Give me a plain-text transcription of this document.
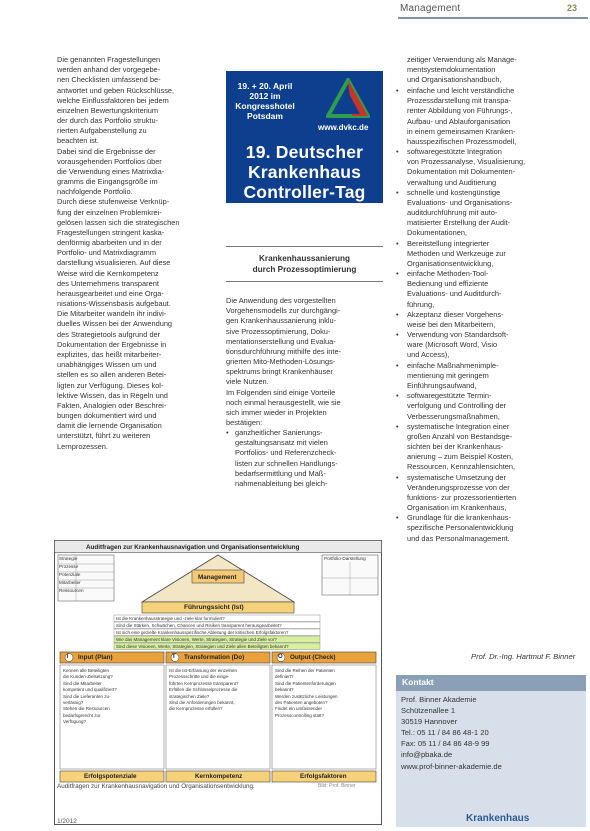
Management	23
Die genannten Fragestellungen
werden anhand der vorgegebe-
nen Checklisten umfassend be-
antwortet und geben Rückschlüsse,
welche Einflussfaktoren bei jedem
einzelnen Bewertungskriterium
der durch das Portfolio struktu-
rierten Aufgabenstellung zu
beachten ist.
Dabei sind die Ergebnisse der
vorausgehenden Portfolios über
die Verwendung eines Matrixdia-
gramms die Eingangsgröße im
nachfolgende Portfolio.
Durch diese stufenweise Verknüp-
fung der einzelnen Problemkrei-
gelösen lassen sich die strategischen
Fragestellungen stringent kaska-
denförmig abarbeiten und in der
Portfolio- und Matrixdiagramm
darstellung visualisieren. Auf diese
Weise wird die Kernkompetenz
des Unternehmens transparent
herausgearbeitet und eine Orga-
nisations-Wissensbasis aufgebaut.
Die Mitarbeiter wandeln ihr indivi-
duelles Wissen bei der Anwendung
des Strategietools aufgrund der
Dokumentation der Ergebnisse in
explizites, das heißt mitarbeiter-
unabhängiges Wissen um und
stellen es so allen anderen Betei-
ligten zur Verfügung. Dieses kol-
lektive Wissen, das in Regeln und
Fakten, Analogien oder Beschrei-
bungen dokumentiert wird und
damit die lernende Organisation
unterstützt, führt zu weiteren
Lernprozessen.
19. + 20. April
2012 im
Kongresshotel
Potsdam
www.dvkc.de
19. Deutscher
Krankenhaus
Controller-Tag
Krankenhaussanierung
durch Prozessoptimierung
Die Anwendung des vorgestellten
Vorgehensmodells zur durchgängi-
gen Krankenhaussanierung inklu-
sive Prozessoptimierung, Doku-
mentationserstellung und Evalua-
tionsdurchführung mithilfe des inte-
grierten Mito-Methoden-Lösungs-
spektrums bringt Krankenhäuser
viele Nutzen.
Im Folgenden sind einige Vorteile
noch einmal herausgestellt, wie sie
sich immer wieder in Projekten
bestätigen:
• ganzheitlicher Sanierungs-
gestaltungsansatz mit vielen
Portfolios- und Referenzcheck-
listen zur schnellen Handlungs-
bedarfsermittlung und Maß-
nahmenableitung bei gleich-
zeitiger Verwendung als Manage-
mentsystemdokumentation
und Organisationshandbuch,
• einfache und leicht verständliche
Prozessdarstellung mit transpa-
renter Abbildung von Führungs-,
Aufbau- und Ablauforganisation
in einem gemeinsamen Kranken-
hausspezifischen Prozessmodell,
• softwaregestützte Integration
von Prozessanalyse, Visualisierung,
Dokumentation mit Dokumenten-
verwaltung und Auditierung
• schnelle und kostengünstige
Evaluations- und Organisations-
auditdurchführung mit auto-
matisierter Erstellung der Audit-
Dokumentationen,
• Bereitstellung integrierter
Methoden und Werkzeuge zur
Organisationsentwicklung,
• einfache Methoden-Tool-
Bedienung und effiziente
Evaluations- und Auditdurch-
führung,
• Akzeptanz dieser Vorgehens-
weise bei den Mitarbeitern,
• Verwendung von Standardsoft-
ware (Microsoft Word, Visio
und Access),
• einfache Maßnahmenimple-
mentierung mit geringem
Einführungsaufwand,
• softwaregestützte Termin-
verfolgung und Controlling der
Verbesserungsmaßnahmen,
• systematische Integration einer
großen Anzahl von Bestandsge-
sichten bei der Krankenhaus-
anierung – zum Beispiel Kosten,
Ressourcen, Kennzahlensichten,
• systematische Umsetzung der
Veränderungsprozesse von der
funktions- zur prozessorientierten
Organisation im Krankenhaus,
• Grundlage für die krankenhaus-
spezifische Personalentwicklung
und das Personalmanagement.
Prof. Dr.-Ing. Hartmut F. Binner
Kontakt
Prof. Binner Akademie
Schützenallee 1
30519 Hannover
Tel.: 05 11 / 84 86 48-1 20
Fax: 05 11 / 84 86 48-9 99
info@pbaka.de
www.prof-binner-akademie.de
Auditfragen zur Krankenhausnavigation und Organisationsentwicklung
Strategie
Prozesse
Potenziale
Mitarbeiter
Ressourcen
Portfolio-Darstellung
Management
Führungssicht (Ist)
Ist die Krankenhausstrategie und -ziele klar formuliert?
Sind die Stärken, Schwächen, Chancen und Risiken transparent herausgearbeitet?
Ist sich eine gezielte Krankenhausspezifische Ableitung der kritischen Erfolgsfaktoren?
Wie das Management klare Visionen, Werte, Strategien, Strategie und Ziele vor?
Sind diese Visionen, Werte, Strategien, Strategien und Ziele allen Beteiligten bekannt?
I	T	O
Input (Plan)	Transformation (Do)	Output (Check)
Kennen alle Beteiligten
die Kunden-Zielsetzung?
Sind die Mitarbeiter
kompetent und qualifiziert?
Sind die Lieferanten zu-
verlässig?
Stehen die Ressourcen
bedarfsgerecht zur
Verfügung?
Ist die Ist-Erfassung der einzelnen
Prozessschritte und die einge-
führten Kernprozesse transparent?
Erfüllen die Schlüsselprozesse die
strategischen Ziele?
Sind die Anforderungen bekannt,
die Kernprozesse erfüllen?
Sind die Reihen der Patienten
definiert?
Sind die Patientenforderungen
bekannt?
Werden zusätzliche Leistungen
des Patienten angeboten?
Findet ein umfassender
Prozesscontrolling statt?
Erfolgspotenziale	Kernkompetenz	Erfolgsfaktoren
Auditfragen zur Krankenhausnavigation und Organisationsentwicklung.	Bild: Prof. Binner
1/2012	Krankenhaus
